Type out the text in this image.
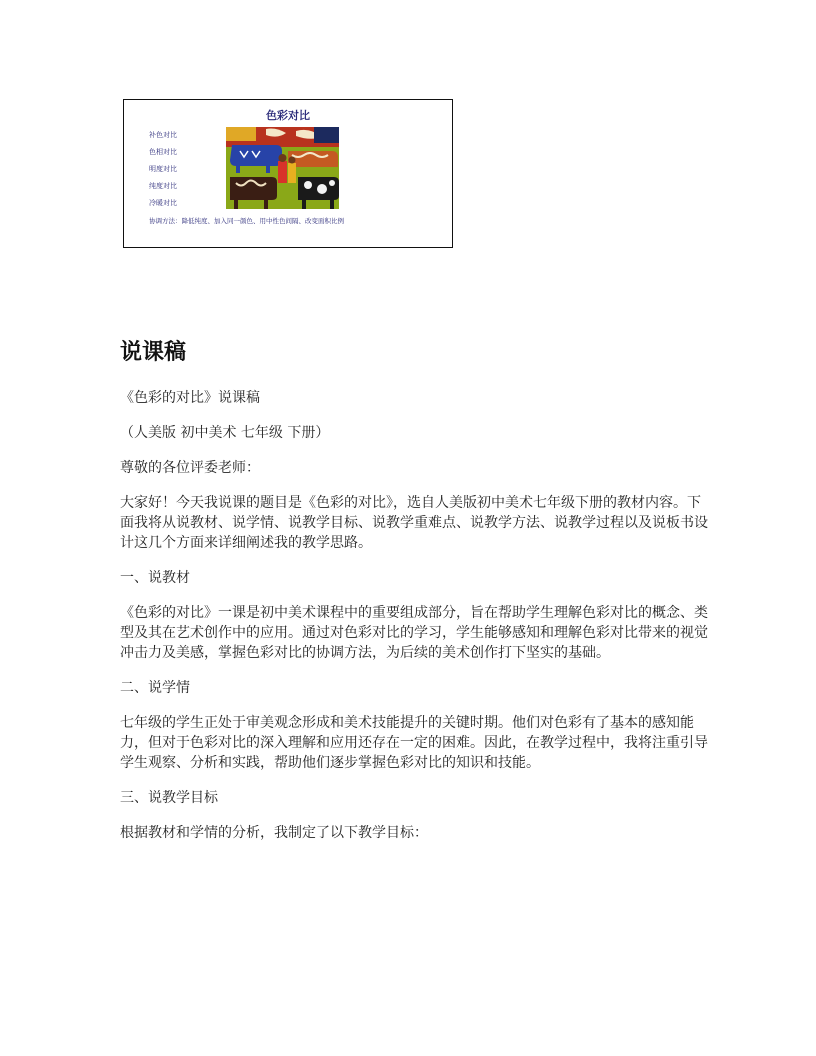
色彩对比
补色对比
色相对比
明度对比
纯度对比
冷暖对比
协调方法：降低纯度、加入同一颜色、用中性色间隔、改变面积比例
说课稿

《色彩的对比》说课稿

（人美版 初中美术 七年级 下册）

尊敬的各位评委老师：

大家好！今天我说课的题目是《色彩的对比》，选自人美版初中美术七年级下册的教材内容。下面我将从说教材、说学情、说教学目标、说教学重难点、说教学方法、说教学过程以及说板书设计这几个方面来详细阐述我的教学思路。

一、说教材

《色彩的对比》一课是初中美术课程中的重要组成部分，旨在帮助学生理解色彩对比的概念、类型及其在艺术创作中的应用。通过对色彩对比的学习，学生能够感知和理解色彩对比带来的视觉冲击力及美感，掌握色彩对比的协调方法，为后续的美术创作打下坚实的基础。

二、说学情

七年级的学生正处于审美观念形成和美术技能提升的关键时期。他们对色彩有了基本的感知能力，但对于色彩对比的深入理解和应用还存在一定的困难。因此，在教学过程中，我将注重引导学生观察、分析和实践，帮助他们逐步掌握色彩对比的知识和技能。

三、说教学目标

根据教材和学情的分析，我制定了以下教学目标：
